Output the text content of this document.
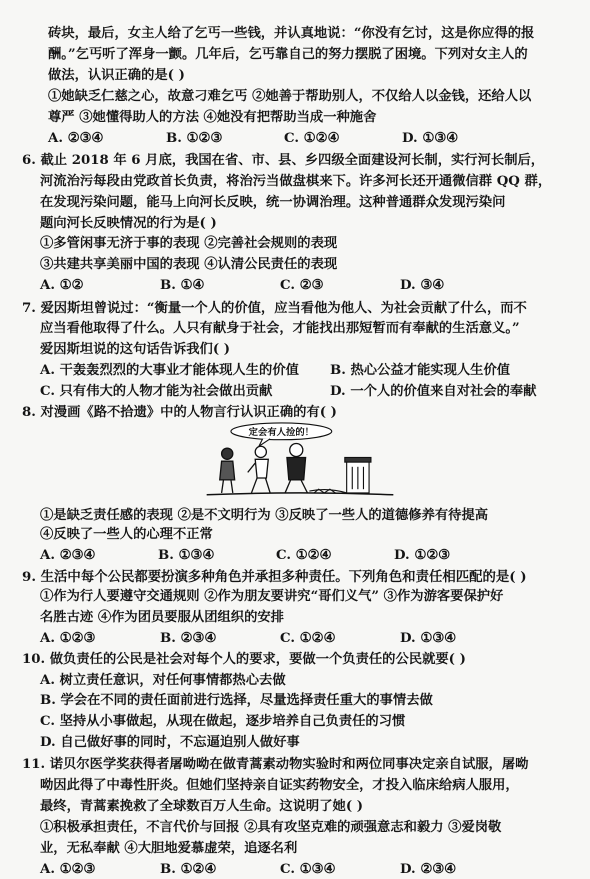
砖块，最后，女主人给了乞丐一些钱，并认真地说：“你没有乞讨，这是你应得的报
酬。”乞丐听了浑身一颤。几年后，乞丐靠自己的努力摆脱了困境。下列对女主人的
做法，认识正确的是( )
①她缺乏仁慈之心，故意刁难乞丐 ②她善于帮助别人，不仅给人以金钱，还给人以
尊严 ③她懂得助人的方法 ④她没有把帮助当成一种施舍
A. ②③④	B. ①②③	C. ①②④	D. ①③④
6. 截止 2018 年 6 月底，我国在省、市、县、乡四级全面建设河长制，实行河长制后，
河流治污每段由党政首长负责，将治污当做盘棋来下。许多河长还开通微信群 QQ 群，
在发现污染问题，能马上向河长反映，统一协调治理。这种普通群众发现污染问
题向河长反映情况的行为是( )
①多管闲事无济于事的表现 ②完善社会规则的表现
③共建共享美丽中国的表现 ④认清公民责任的表现
A. ①②	B. ①④	C. ②③	D. ③④
7. 爱因斯坦曾说过：“衡量一个人的价值，应当看他为他人、为社会贡献了什么，而不
应当看他取得了什么。人只有献身于社会，才能找出那短暂而有奉献的生活意义。”
爱因斯坦说的这句话告诉我们( )
A. 干轰轰烈烈的大事业才能体现人生的价值	B. 热心公益才能实现人生价值
C. 只有伟大的人物才能为社会做出贡献	D. 一个人的价值来自对社会的奉献
8. 对漫画《路不拾遗》中的人物言行认识正确的有( )
定会有人捡的！
①是缺乏责任感的表现 ②是不文明行为 ③反映了一些人的道德修养有待提高
④反映了一些人的心理不正常
A. ②③④	B. ①③④	C. ①②④	D. ①②③
9. 生活中每个公民都要扮演多种角色并承担多种责任。下列角色和责任相匹配的是( )
①作为行人要遵守交通规则 ②作为朋友要讲究“哥们义气” ③作为游客要保护好
名胜古迹 ④作为团员要服从团组织的安排
A. ①②③	B. ②③④	C. ①②④	D. ①③④
10. 做负责任的公民是社会对每个人的要求，要做一个负责任的公民就要( )
A. 树立责任意识，对任何事情都热心去做
B. 学会在不同的责任面前进行选择，尽量选择责任重大的事情去做
C. 坚持从小事做起，从现在做起，逐步培养自己负责任的习惯
D. 自己做好事的同时，不忘逼迫别人做好事
11. 诺贝尔医学奖获得者屠呦呦在做青蒿素动物实验时和两位同事决定亲自试服，屠呦
呦因此得了中毒性肝炎。但她们坚持亲自证实药物安全，才投入临床给病人服用，
最终，青蒿素挽救了全球数百万人生命。这说明了她( )
①积极承担责任，不言代价与回报 ②具有攻坚克难的顽强意志和毅力 ③爱岗敬
业，无私奉献 ④大胆地爱慕虚荣，追逐名利
A. ①②③	B. ①②④	C. ①③④	D. ②③④
